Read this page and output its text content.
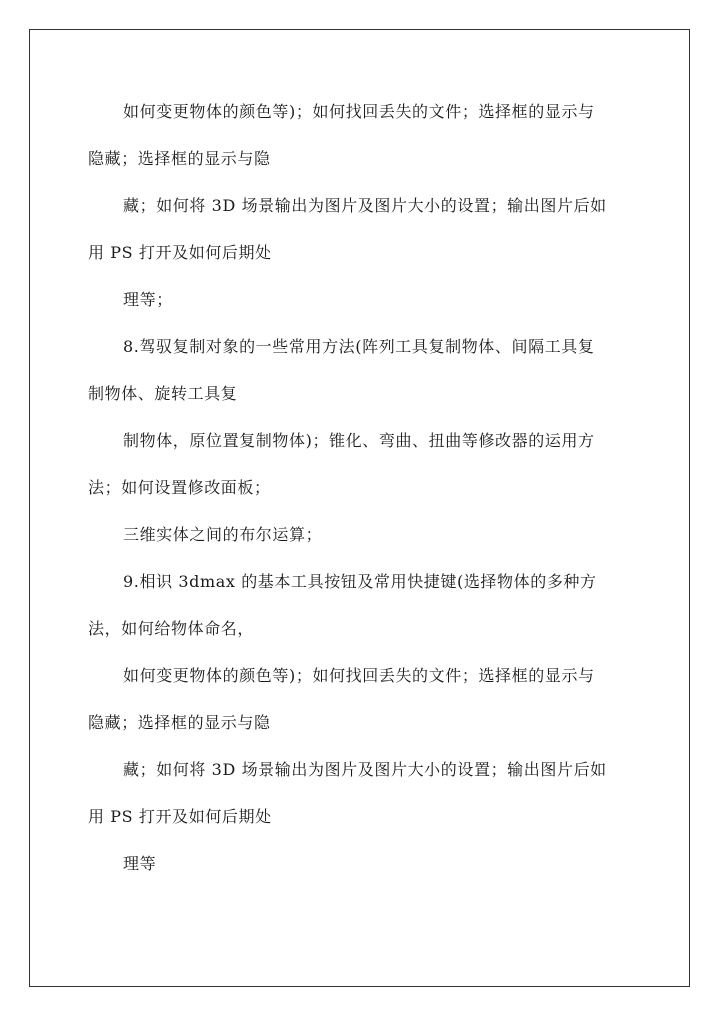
如何变更物体的颜色等)；如何找回丢失的文件；选择框的显示与
隐藏；选择框的显示与隐
藏；如何将 3D 场景输出为图片及图片大小的设置；输出图片后如
用 PS 打开及如何后期处
理等；
8.驾驭复制对象的一些常用方法(阵列工具复制物体、间隔工具复
制物体、旋转工具复
制物体，原位置复制物体)；锥化、弯曲、扭曲等修改器的运用方
法；如何设置修改面板；
三维实体之间的布尔运算；
9.相识 3dmax 的基本工具按钮及常用快捷键(选择物体的多种方
法，如何给物体命名，
如何变更物体的颜色等)；如何找回丢失的文件；选择框的显示与
隐藏；选择框的显示与隐
藏；如何将 3D 场景输出为图片及图片大小的设置；输出图片后如
用 PS 打开及如何后期处
理等
